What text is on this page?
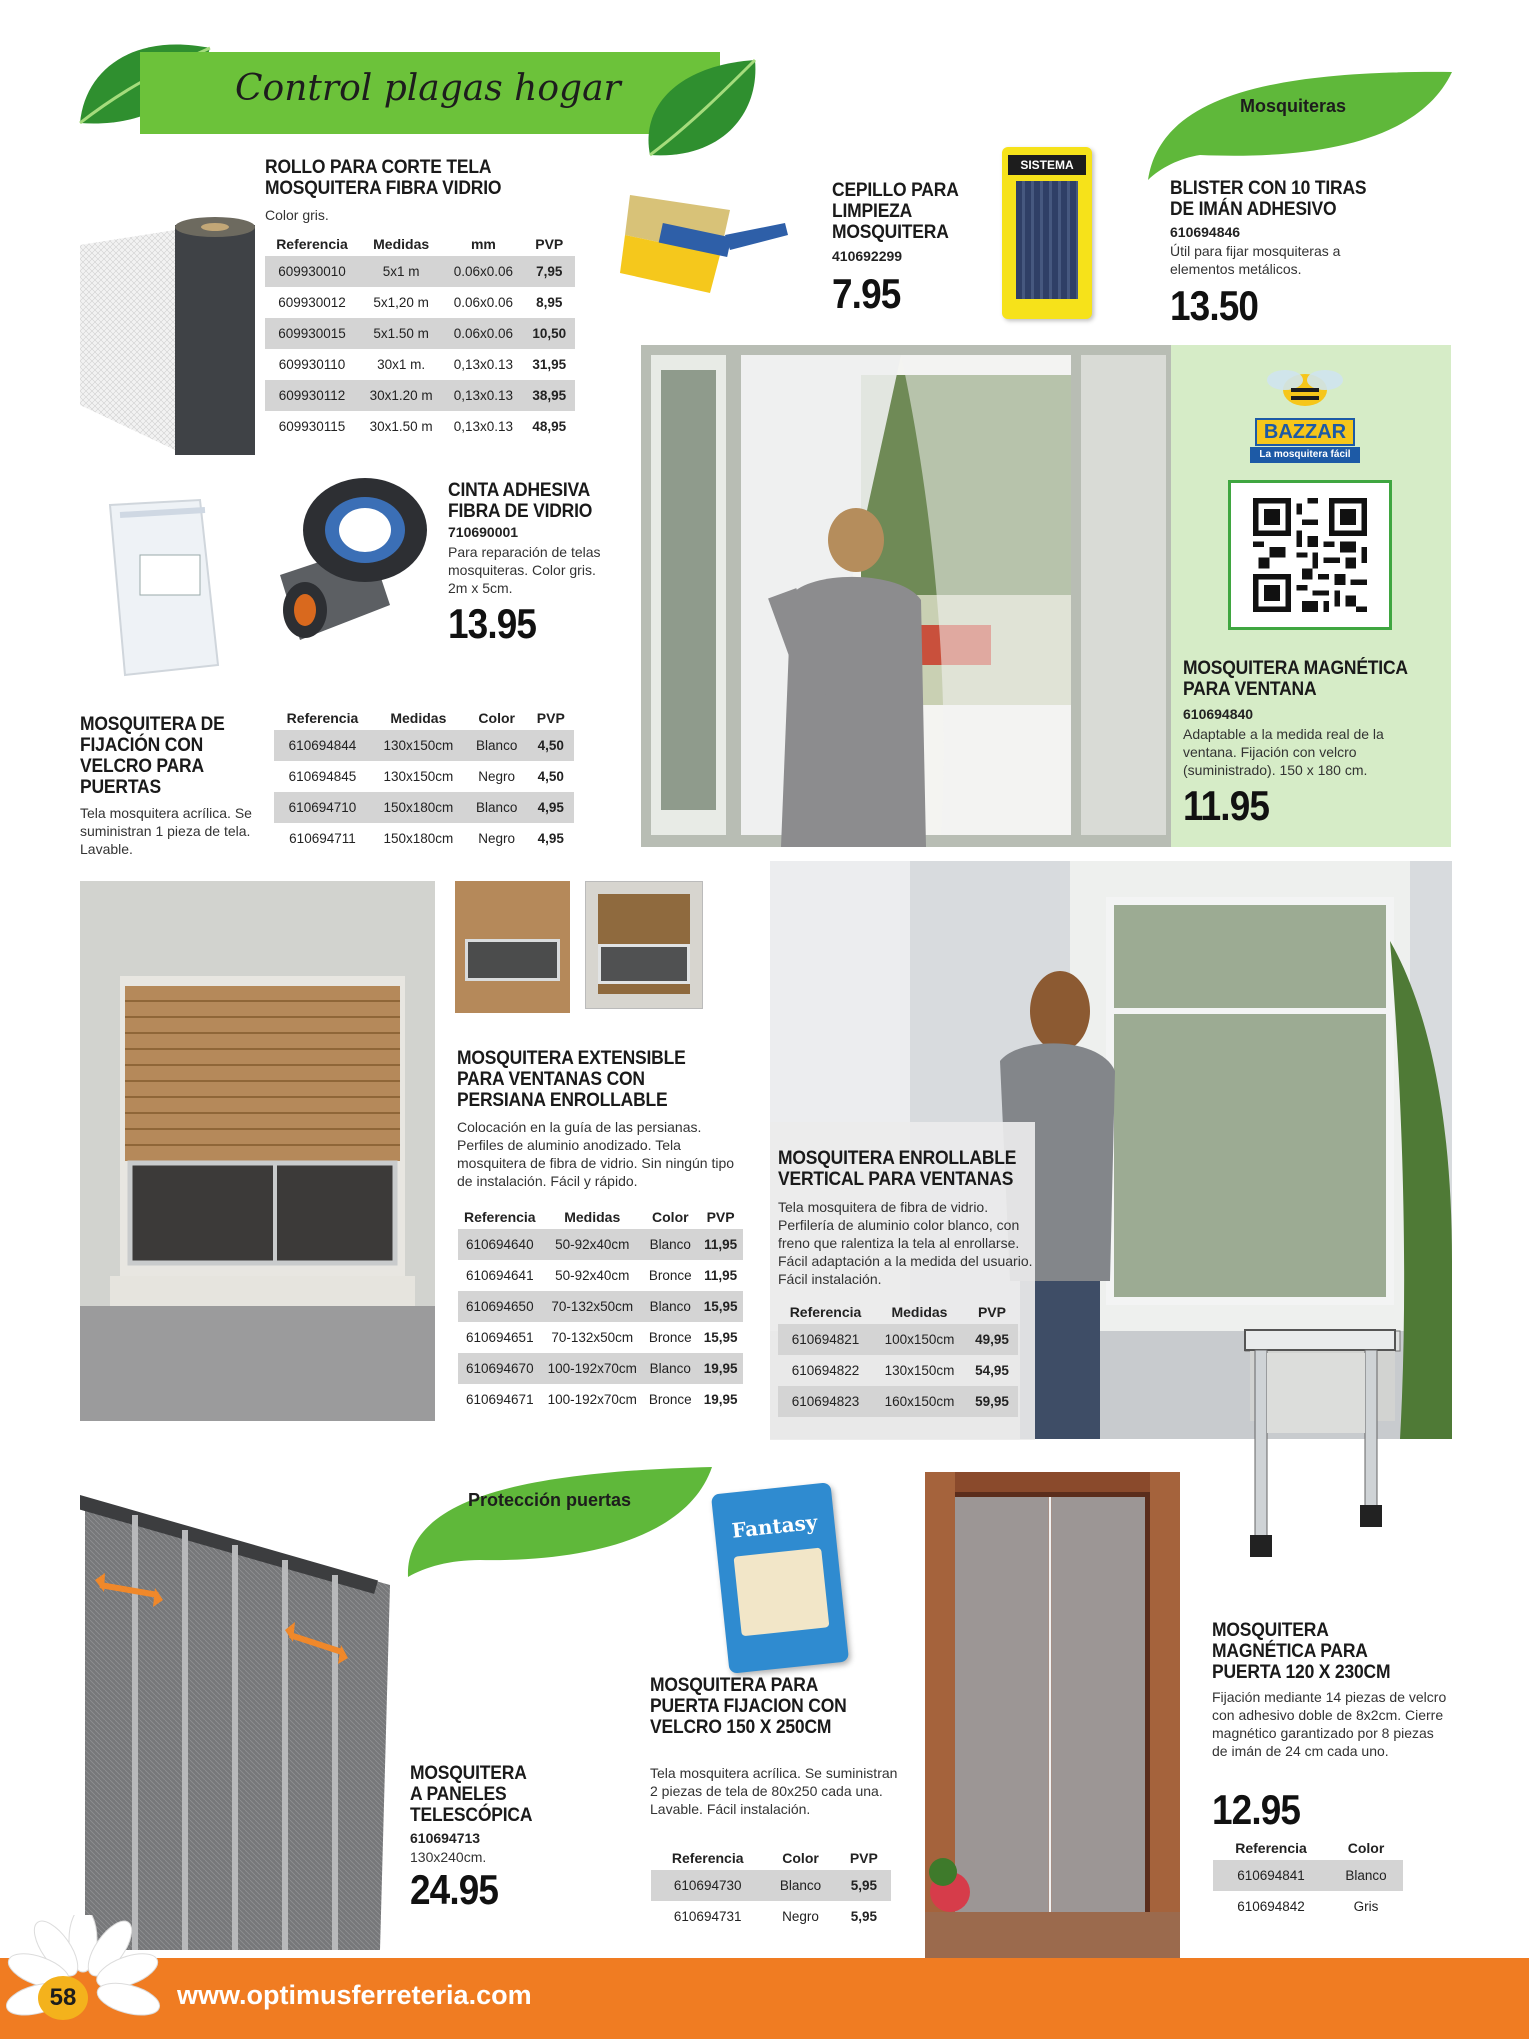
Control plagas hogar	Mosquiteras
ROLLO PARA CORTE TELA MOSQUITERA FIBRA VIDRIO
Color gris.
Referencia	Medidas	mm	PVP
609930010	5x1 m	0.06x0.06	7,95
609930012	5x1,20 m	0.06x0.06	8,95
609930015	5x1.50 m	0.06x0.06	10,50
609930110	30x1 m.	0,13x0.13	31,95
609930112	30x1.20 m	0,13x0.13	38,95
609930115	30x1.50 m	0,13x0.13	48,95
CEPILLO PARA LIMPIEZA MOSQUITERA
410692299
7.95
SISTEMA
BLISTER CON 10 TIRAS DE IMÁN ADHESIVO
610694846
Útil para fijar mosquiteras a elementos metálicos.
13.50
BAZZAR
La mosquitera fácil
MOSQUITERA MAGNÉTICA PARA VENTANA
610694840
Adaptable a la medida real de la ventana. Fijación con velcro (suministrado). 150 x 180 cm.
11.95
CINTA ADHESIVA FIBRA DE VIDRIO
710690001
Para reparación de telas mosquiteras. Color gris. 2m x 5cm.
13.95
MOSQUITERA DE FIJACIÓN CON VELCRO PARA PUERTAS
Tela mosquitera acrílica. Se suministran 1 pieza de tela. Lavable.
Referencia	Medidas	Color	PVP
610694844	130x150cm	Blanco	4,50
610694845	130x150cm	Negro	4,50
610694710	150x180cm	Blanco	4,95
610694711	150x180cm	Negro	4,95
MOSQUITERA EXTENSIBLE PARA VENTANAS CON PERSIANA ENROLLABLE
Colocación en la guía de las persianas. Perfiles de aluminio anodizado. Tela mosquitera de fibra de vidrio. Sin ningún tipo de instalación. Fácil y rápido.
Referencia	Medidas	Color	PVP
610694640	50-92x40cm	Blanco	11,95
610694641	50-92x40cm	Bronce	11,95
610694650	70-132x50cm	Blanco	15,95
610694651	70-132x50cm	Bronce	15,95
610694670	100-192x70cm	Blanco	19,95
610694671	100-192x70cm	Bronce	19,95
MOSQUITERA ENROLLABLE VERTICAL PARA VENTANAS
Tela mosquitera de fibra de vidrio. Perfilería de aluminio color blanco, con freno que ralentiza la tela al enrollarse. Fácil adaptación a la medida del usuario. Fácil instalación.
Referencia	Medidas	PVP
610694821	100x150cm	49,95
610694822	130x150cm	54,95
610694823	160x150cm	59,95
MOSQUITERA A PANELES TELESCÓPICA
610694713
130x240cm.
24.95
Protección puertas
Fantasy
MOSQUITERA PARA PUERTA FIJACION CON VELCRO 150 X 250CM
Tela mosquitera acrílica. Se suministran 2 piezas de tela de 80x250 cada una. Lavable. Fácil instalación.
Referencia	Color	PVP
610694730	Blanco	5,95
610694731	Negro	5,95
MOSQUITERA MAGNÉTICA PARA PUERTA 120 X 230CM
Fijación mediante 14 piezas de velcro con adhesivo doble de 8x2cm. Cierre magnético garantizado por 8 piezas de imán de 24 cm cada uno.
12.95
Referencia	Color
610694841	Blanco
610694842	Gris
58	www.optimusferreteria.com
